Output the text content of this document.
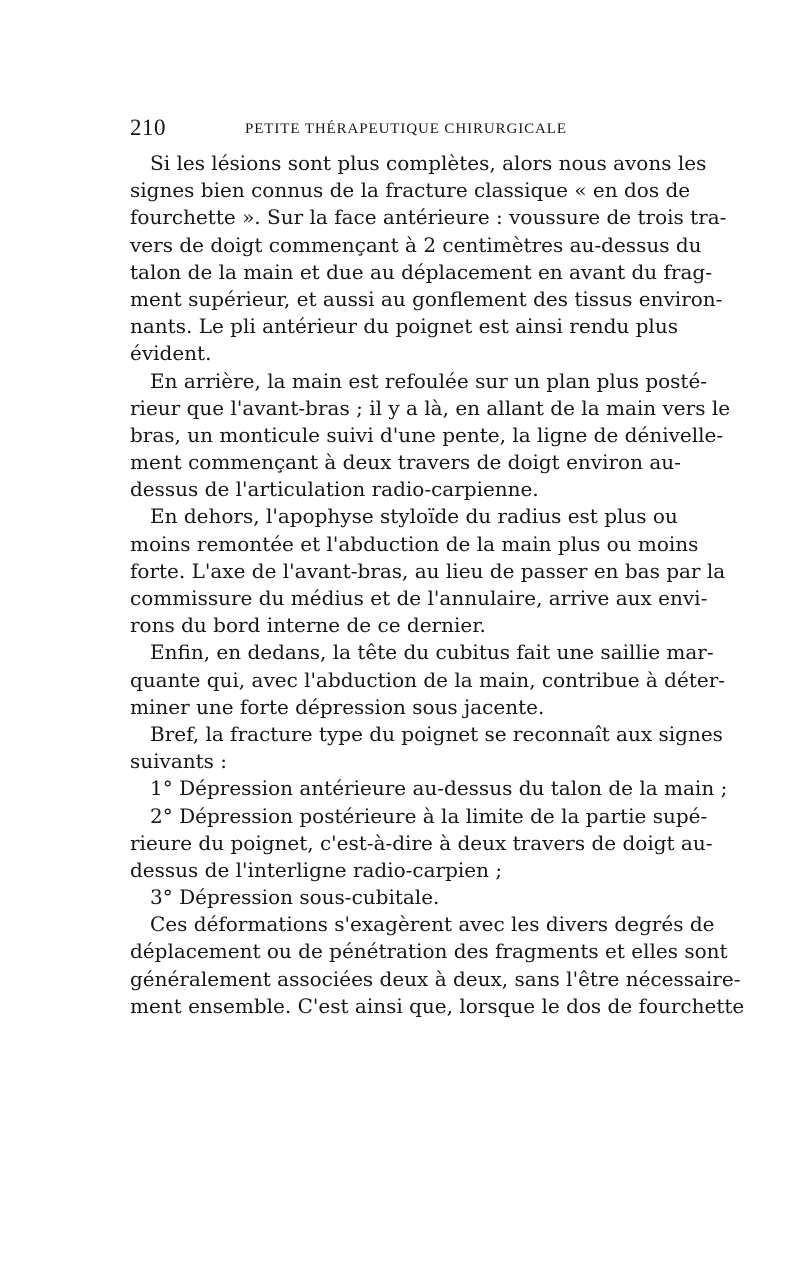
210	PETITE THÉRAPEUTIQUE CHIRURGICALE
Si les lésions sont plus complètes, alors nous avons les
signes bien connus de la fracture classique « en dos de
fourchette ». Sur la face antérieure : voussure de trois tra-
vers de doigt commençant à 2 centimètres au-dessus du
talon de la main et due au déplacement en avant du frag-
ment supérieur, et aussi au gonflement des tissus environ-
nants. Le pli antérieur du poignet est ainsi rendu plus
évident.
En arrière, la main est refoulée sur un plan plus posté-
rieur que l'avant-bras ; il y a là, en allant de la main vers le
bras, un monticule suivi d'une pente, la ligne de dénivelle-
ment commençant à deux travers de doigt environ au-
dessus de l'articulation radio-carpienne.
En dehors, l'apophyse styloïde du radius est plus ou
moins remontée et l'abduction de la main plus ou moins
forte. L'axe de l'avant-bras, au lieu de passer en bas par la
commissure du médius et de l'annulaire, arrive aux envi-
rons du bord interne de ce dernier.
Enfin, en dedans, la tête du cubitus fait une saillie mar-
quante qui, avec l'abduction de la main, contribue à déter-
miner une forte dépression sous jacente.
Bref, la fracture type du poignet se reconnaît aux signes
suivants :
1° Dépression antérieure au-dessus du talon de la main ;
2° Dépression postérieure à la limite de la partie supé-
rieure du poignet, c'est-à-dire à deux travers de doigt au-
dessus de l'interligne radio-carpien ;
3° Dépression sous-cubitale.
Ces déformations s'exagèrent avec les divers degrés de
déplacement ou de pénétration des fragments et elles sont
généralement associées deux à deux, sans l'être nécessaire-
ment ensemble. C'est ainsi que, lorsque le dos de fourchette
